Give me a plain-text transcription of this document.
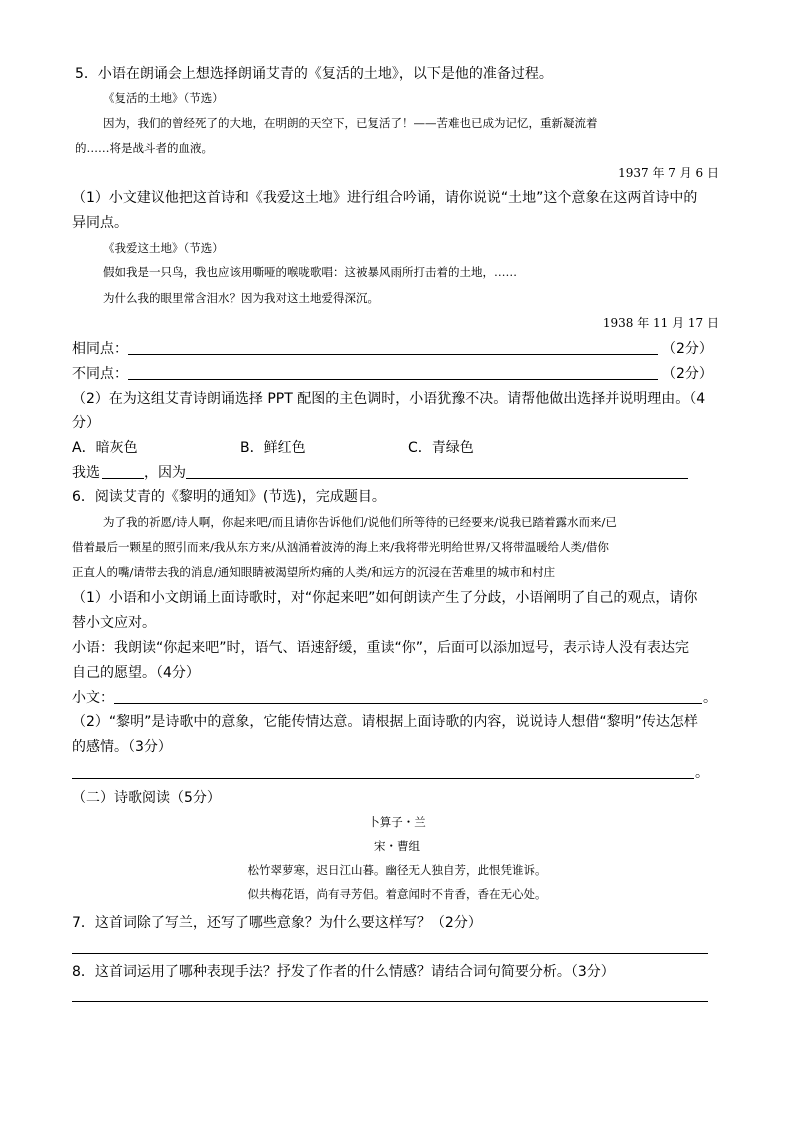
5．小语在朗诵会上想选择朗诵艾青的《复活的土地》，以下是他的准备过程。
《复活的土地》（节选）
因为，我们的曾经死了的大地，在明朗的天空下，已复活了！——苦难也已成为记忆，重新凝流着
的……将是战斗者的血液。
1937 年 7 月 6 日
（1）小文建议他把这首诗和《我爱这土地》进行组合吟诵，请你说说“土地”这个意象在这两首诗中的
异同点。
《我爱这土地》（节选）
假如我是一只鸟，我也应该用嘶哑的喉咙歌唱：这被暴风雨所打击着的土地，……
为什么我的眼里常含泪水？因为我对这土地爱得深沉。
1938 年 11 月 17 日
相同点：	（2分）
不同点：	（2分）
（2）在为这组艾青诗朗诵选择 PPT 配图的主色调时，小语犹豫不决。请帮他做出选择并说明理由。（4
分）
A．暗灰色	B．鲜红色	C．青绿色
我选	，因为
6．阅读艾青的《黎明的通知》(节选)，完成题目。
为了我的祈愿/诗人啊，你起来吧/而且请你告诉他们/说他们所等待的已经要来/说我已踏着露水而来/已
借着最后一颗星的照引而来/我从东方来/从汹涌着波涛的海上来/我将带光明给世界/又将带温暖给人类/借你
正直人的嘴/请带去我的消息/通知眼睛被渴望所灼痛的人类/和远方的沉浸在苦难里的城市和村庄
（1）小语和小文朗诵上面诗歌时，对“你起来吧”如何朗读产生了分歧，小语阐明了自己的观点，请你
替小文应对。
小语：我朗读“你起来吧”时，语气、语速舒缓，重读“你”，后面可以添加逗号，表示诗人没有表达完
自己的愿望。（4分）
小文：	。
（2）“黎明”是诗歌中的意象，它能传情达意。请根据上面诗歌的内容，说说诗人想借“黎明”传达怎样
的感情。（3分）
。
（二）诗歌阅读（5分）
卜算子・兰
宋・曹组
松竹翠萝寒，迟日江山暮。幽径无人独自芳，此恨凭谁诉。
似共梅花语，尚有寻芳侣。着意闻时不肯香，香在无心处。
7．这首词除了写兰，还写了哪些意象？为什么要这样写？（2分）
8．这首词运用了哪种表现手法？抒发了作者的什么情感？请结合词句简要分析。（3分）
